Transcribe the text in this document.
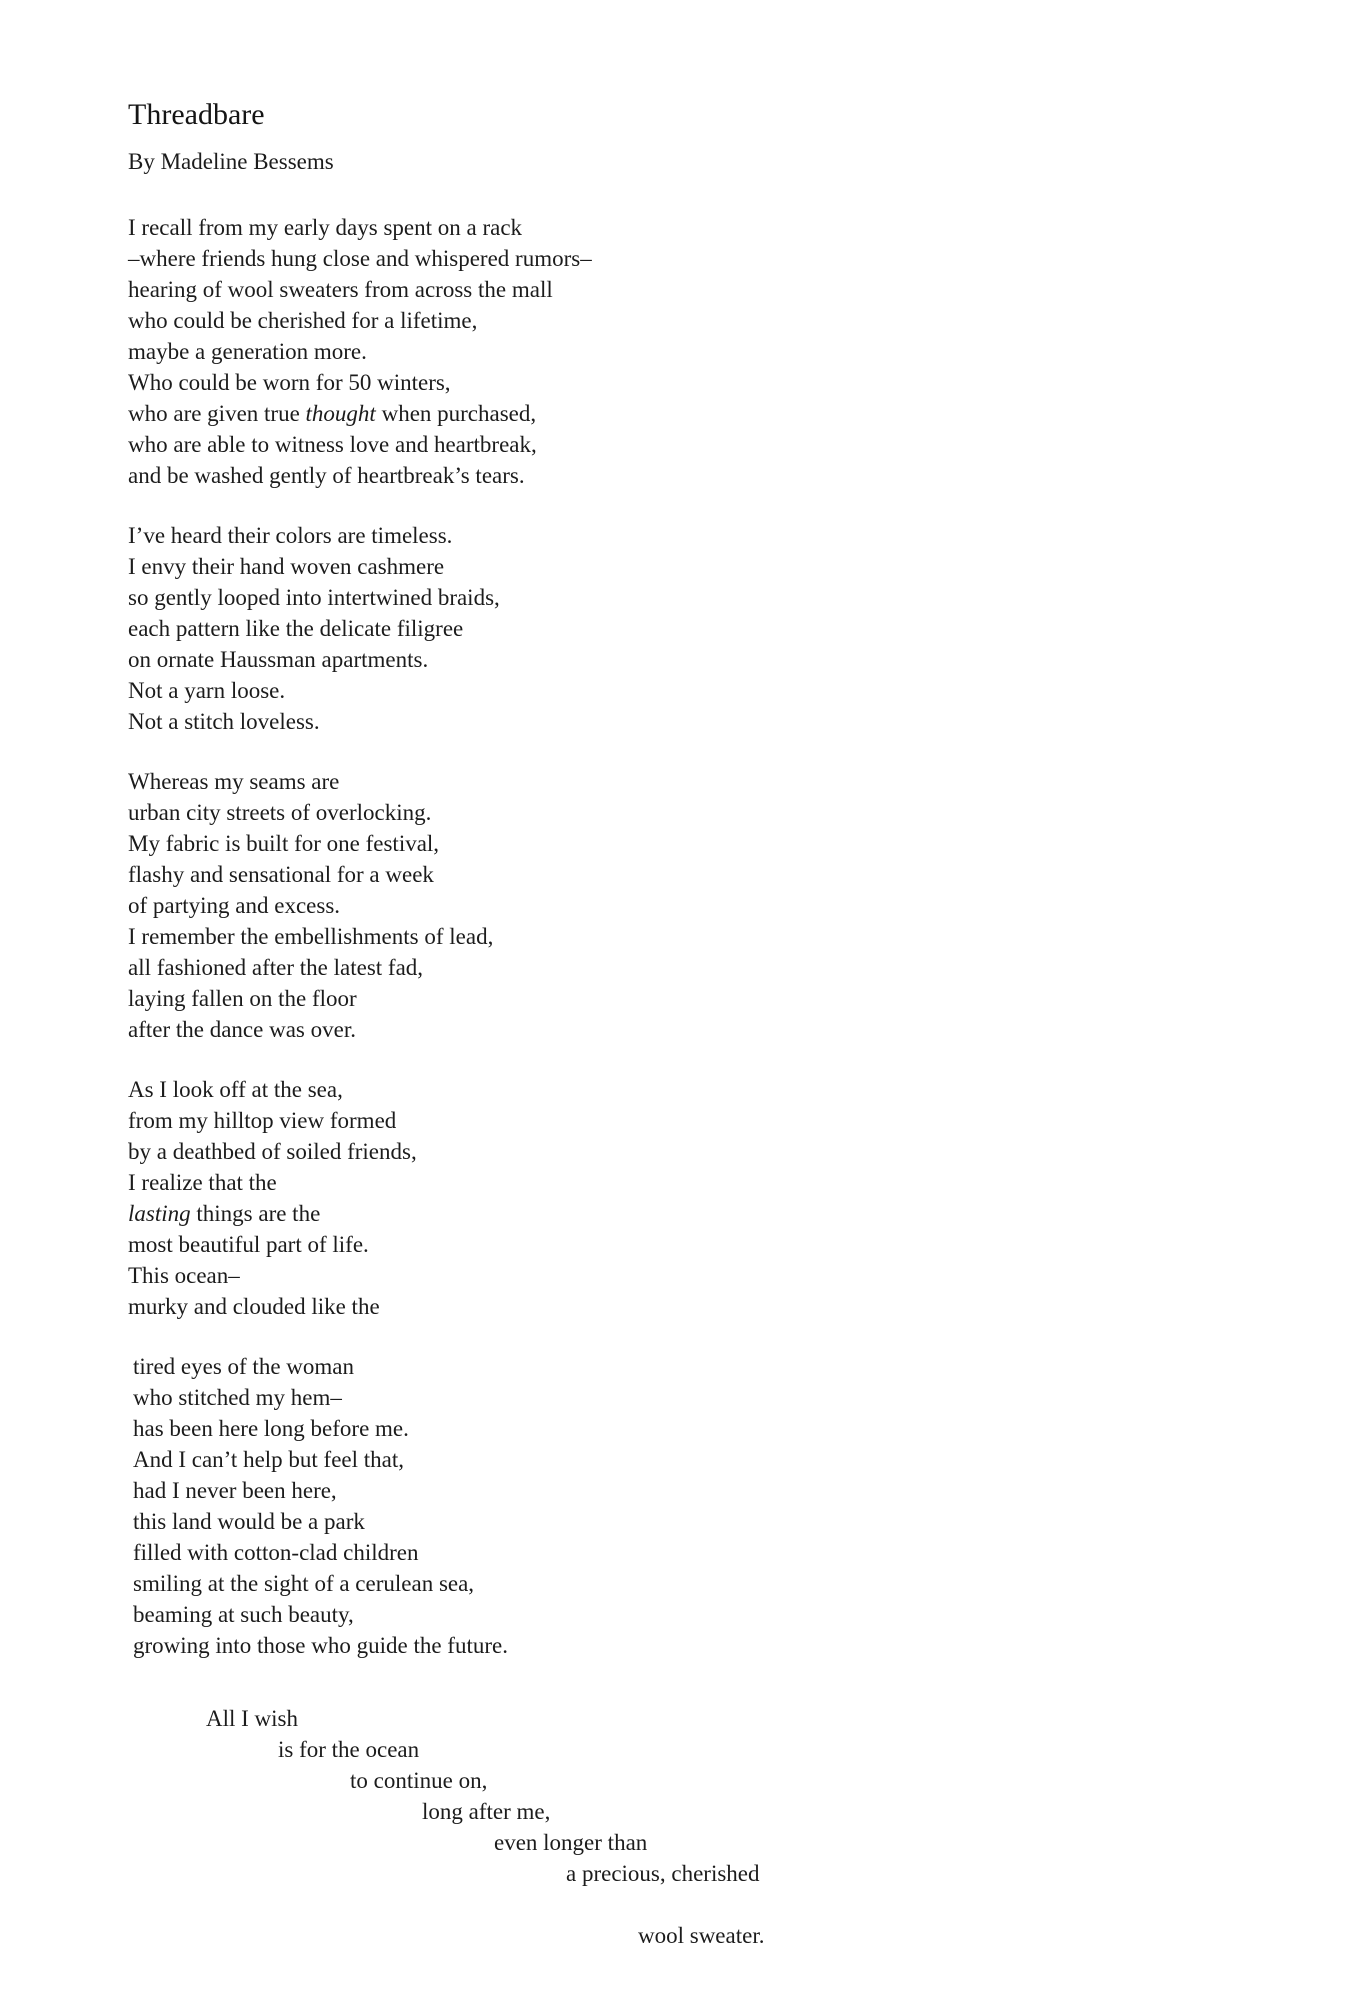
Threadbare
By Madeline Bessems
I recall from my early days spent on a rack
–where friends hung close and whispered rumors–
hearing of wool sweaters from across the mall
who could be cherished for a lifetime,
maybe a generation more.
Who could be worn for 50 winters,
who are given true thought when purchased,
who are able to witness love and heartbreak,
and be washed gently of heartbreak’s tears.
I’ve heard their colors are timeless.
I envy their hand woven cashmere
so gently looped into intertwined braids,
each pattern like the delicate filigree
on ornate Haussman apartments.
Not a yarn loose.
Not a stitch loveless.
Whereas my seams are
urban city streets of overlocking.
My fabric is built for one festival,
flashy and sensational for a week
of partying and excess.
I remember the embellishments of lead,
all fashioned after the latest fad,
laying fallen on the floor
after the dance was over.
As I look off at the sea,
from my hilltop view formed
by a deathbed of soiled friends,
I realize that the
lasting things are the
most beautiful part of life.
This ocean–
murky and clouded like the
tired eyes of the woman
who stitched my hem–
has been here long before me.
And I can’t help but feel that,
had I never been here,
this land would be a park
filled with cotton-clad children
smiling at the sight of a cerulean sea,
beaming at such beauty,
growing into those who guide the future.
All I wish
is for the ocean
to continue on,
long after me,
even longer than
a precious, cherished
wool sweater.
